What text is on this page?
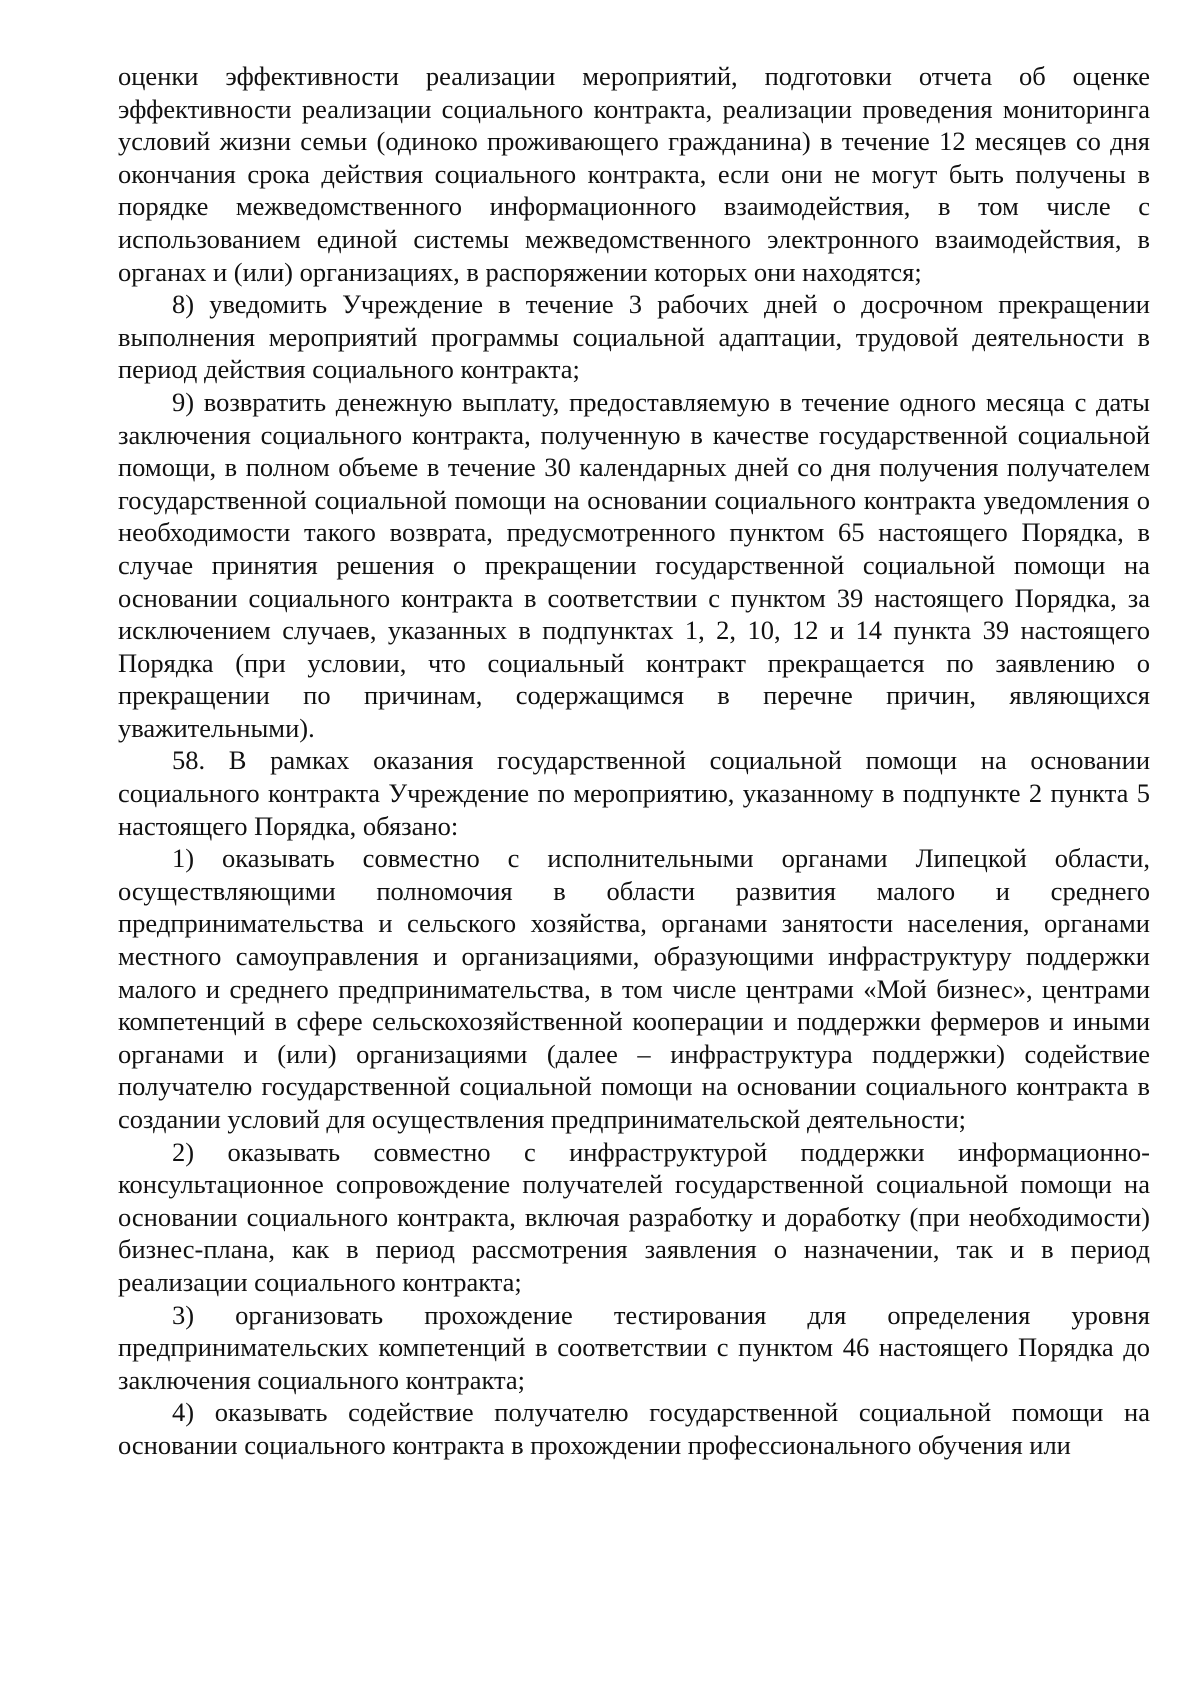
оценки эффективности реализации мероприятий, подготовки отчета об оценке эффективности реализации социального контракта, реализации проведения мониторинга условий жизни семьи (одиноко проживающего гражданина) в течение 12 месяцев со дня окончания срока действия социального контракта, если они не могут быть получены в порядке межведомственного информационного взаимодействия, в том числе с использованием единой системы межведомственного электронного взаимодействия, в органах и (или) организациях, в распоряжении которых они находятся;

8) уведомить Учреждение в течение 3 рабочих дней о досрочном прекращении выполнения мероприятий программы социальной адаптации, трудовой деятельности в период действия социального контракта;

9) возвратить денежную выплату, предоставляемую в течение одного месяца с даты заключения социального контракта, полученную в качестве государственной социальной помощи, в полном объеме в течение 30 календарных дней со дня получения получателем государственной социальной помощи на основании социального контракта уведомления о необходимости такого возврата, предусмотренного пунктом 65 настоящего Порядка, в случае принятия решения о прекращении государственной социальной помощи на основании социального контракта в соответствии с пунктом 39 настоящего Порядка, за исключением случаев, указанных в подпунктах 1, 2, 10, 12 и 14 пункта 39 настоящего Порядка (при условии, что социальный контракт прекращается по заявлению о прекращении по причинам, содержащимся в перечне причин, являющихся уважительными).

58. В рамках оказания государственной социальной помощи на основании социального контракта Учреждение по мероприятию, указанному в подпункте 2 пункта 5 настоящего Порядка, обязано:

1) оказывать совместно с исполнительными органами Липецкой области, осуществляющими полномочия в области развития малого и среднего предпринимательства и сельского хозяйства, органами занятости населения, органами местного самоуправления и организациями, образующими инфраструктуру поддержки малого и среднего предпринимательства, в том числе центрами «Мой бизнес», центрами компетенций в сфере сельскохозяйственной кооперации и поддержки фермеров и иными органами и (или) организациями (далее – инфраструктура поддержки) содействие получателю государственной социальной помощи на основании социального контракта в создании условий для осуществления предпринимательской деятельности;

2) оказывать совместно с инфраструктурой поддержки информационно-консультационное сопровождение получателей государственной социальной помощи на основании социального контракта, включая разработку и доработку (при необходимости) бизнес-плана, как в период рассмотрения заявления о назначении, так и в период реализации социального контракта;

3) организовать прохождение тестирования для определения уровня предпринимательских компетенций в соответствии с пунктом 46 настоящего Порядка до заключения социального контракта;

4) оказывать содействие получателю государственной социальной помощи на основании социального контракта в прохождении профессионального обучения или
